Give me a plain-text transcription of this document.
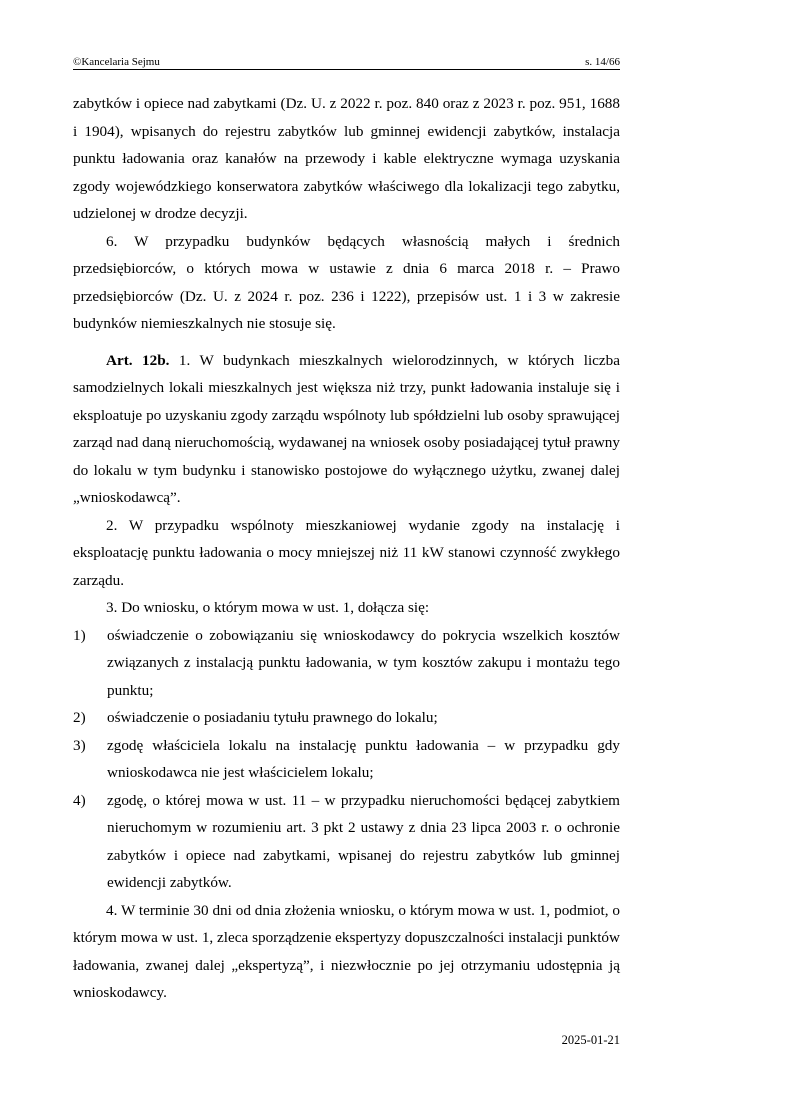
©Kancelaria Sejmu	s. 14/66

zabytków i opiece nad zabytkami (Dz. U. z 2022 r. poz. 840 oraz z 2023 r. poz. 951, 1688 i 1904), wpisanych do rejestru zabytków lub gminnej ewidencji zabytków, instalacja punktu ładowania oraz kanałów na przewody i kable elektryczne wymaga uzyskania zgody wojewódzkiego konserwatora zabytków właściwego dla lokalizacji tego zabytku, udzielonej w drodze decyzji.

6. W przypadku budynków będących własnością małych i średnich przedsiębiorców, o których mowa w ustawie z dnia 6 marca 2018 r. – Prawo przedsiębiorców (Dz. U. z 2024 r. poz. 236 i 1222), przepisów ust. 1 i 3 w zakresie budynków niemieszkalnych nie stosuje się.

Art. 12b. 1. W budynkach mieszkalnych wielorodzinnych, w których liczba samodzielnych lokali mieszkalnych jest większa niż trzy, punkt ładowania instaluje się i eksploatuje po uzyskaniu zgody zarządu wspólnoty lub spółdzielni lub osoby sprawującej zarząd nad daną nieruchomością, wydawanej na wniosek osoby posiadającej tytuł prawny do lokalu w tym budynku i stanowisko postojowe do wyłącznego użytku, zwanej dalej „wnioskodawcą”.

2. W przypadku wspólnoty mieszkaniowej wydanie zgody na instalację i eksploatację punktu ładowania o mocy mniejszej niż 11 kW stanowi czynność zwykłego zarządu.

3. Do wniosku, o którym mowa w ust. 1, dołącza się:

1) oświadczenie o zobowiązaniu się wnioskodawcy do pokrycia wszelkich kosztów związanych z instalacją punktu ładowania, w tym kosztów zakupu i montażu tego punktu;
2) oświadczenie o posiadaniu tytułu prawnego do lokalu;
3) zgodę właściciela lokalu na instalację punktu ładowania – w przypadku gdy wnioskodawca nie jest właścicielem lokalu;
4) zgodę, o której mowa w ust. 11 – w przypadku nieruchomości będącej zabytkiem nieruchomym w rozumieniu art. 3 pkt 2 ustawy z dnia 23 lipca 2003 r. o ochronie zabytków i opiece nad zabytkami, wpisanej do rejestru zabytków lub gminnej ewidencji zabytków.

4. W terminie 30 dni od dnia złożenia wniosku, o którym mowa w ust. 1, podmiot, o którym mowa w ust. 1, zleca sporządzenie ekspertyzy dopuszczalności instalacji punktów ładowania, zwanej dalej „ekspertyzą”, i niezwłocznie po jej otrzymaniu udostępnia ją wnioskodawcy.

2025-01-21
